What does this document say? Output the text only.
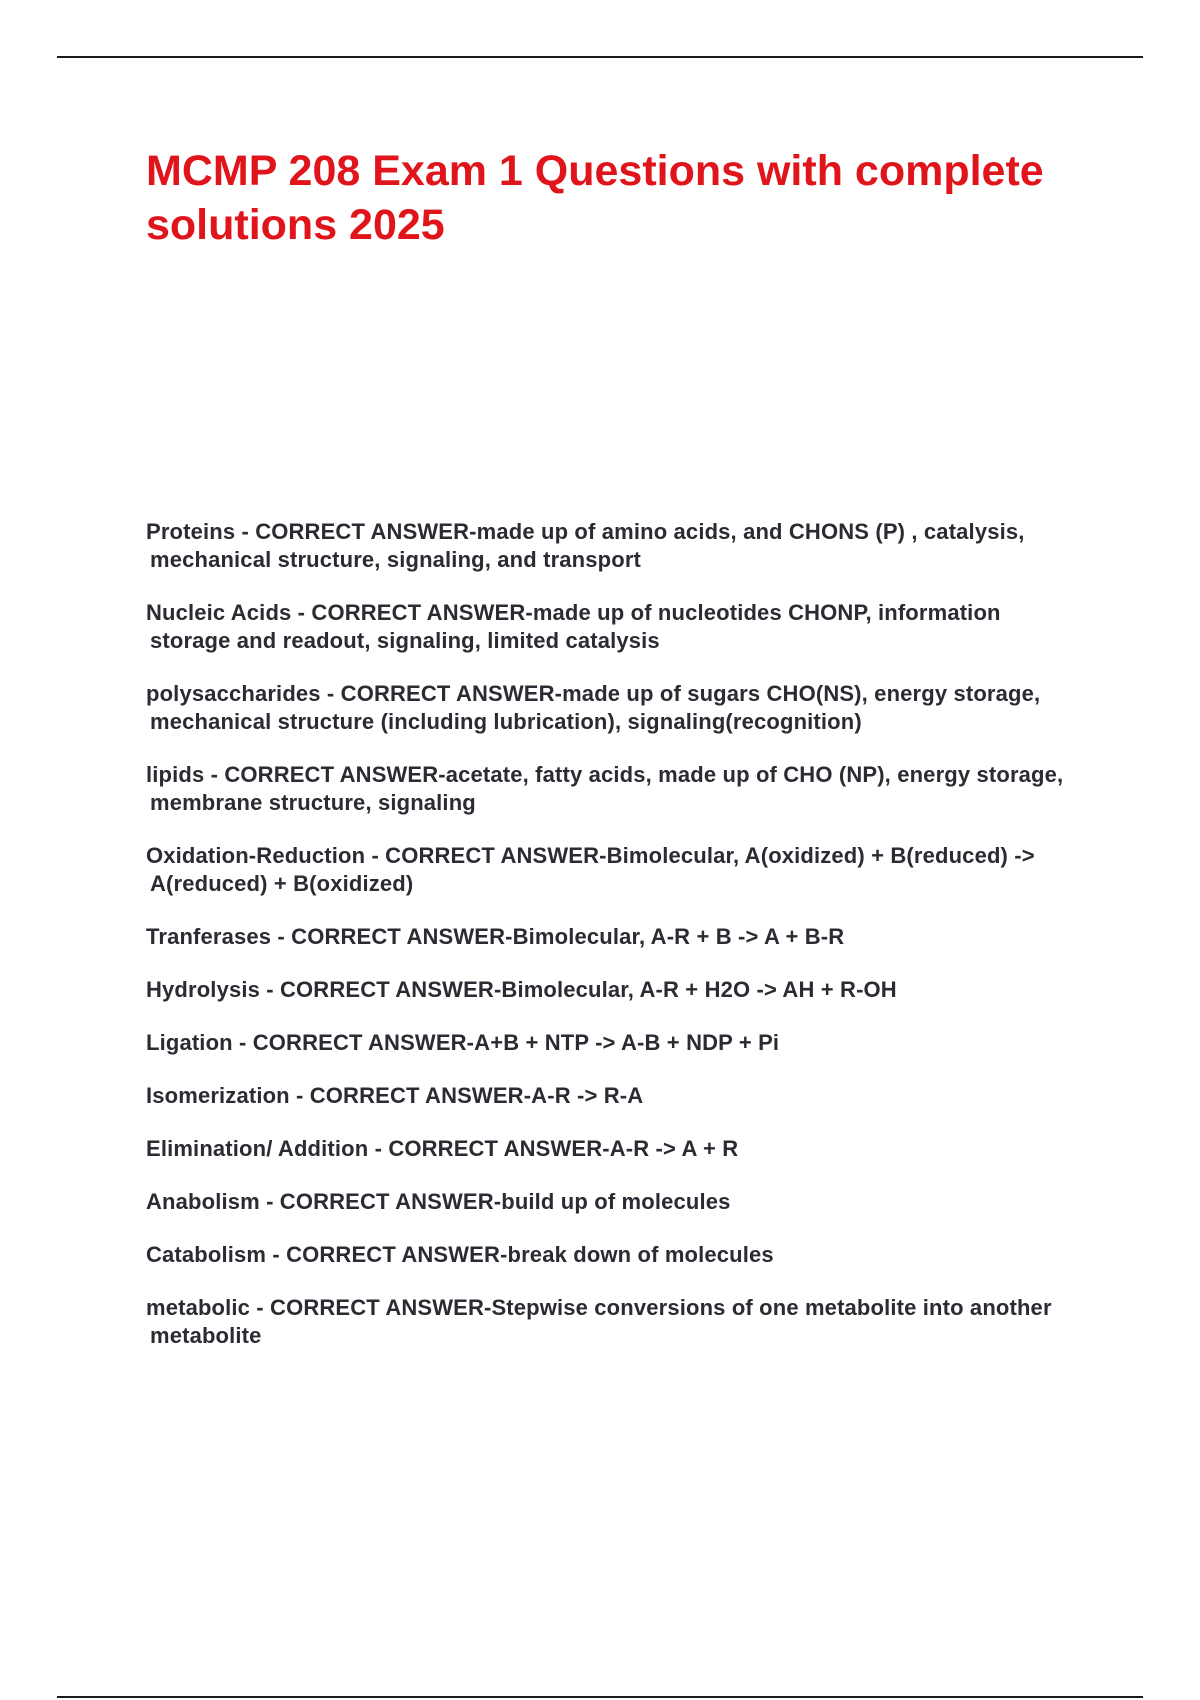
MCMP 208 Exam 1 Questions with complete solutions 2025
Proteins - CORRECT ANSWER-made up of amino acids, and CHONS (P) , catalysis, mechanical structure, signaling, and transport
Nucleic Acids - CORRECT ANSWER-made up of nucleotides CHONP, information storage and readout, signaling, limited catalysis
polysaccharides - CORRECT ANSWER-made up of sugars CHO(NS), energy storage, mechanical structure (including lubrication), signaling(recognition)
lipids - CORRECT ANSWER-acetate, fatty acids, made up of CHO (NP), energy storage, membrane structure, signaling
Oxidation-Reduction - CORRECT ANSWER-Bimolecular, A(oxidized) + B(reduced) -> A(reduced) + B(oxidized)
Tranferases - CORRECT ANSWER-Bimolecular, A-R + B -> A + B-R
Hydrolysis - CORRECT ANSWER-Bimolecular, A-R + H2O -> AH + R-OH
Ligation - CORRECT ANSWER-A+B + NTP -> A-B + NDP + Pi
Isomerization - CORRECT ANSWER-A-R -> R-A
Elimination/ Addition - CORRECT ANSWER-A-R -> A + R
Anabolism - CORRECT ANSWER-build up of molecules
Catabolism - CORRECT ANSWER-break down of molecules
metabolic - CORRECT ANSWER-Stepwise conversions of one metabolite into another metabolite
